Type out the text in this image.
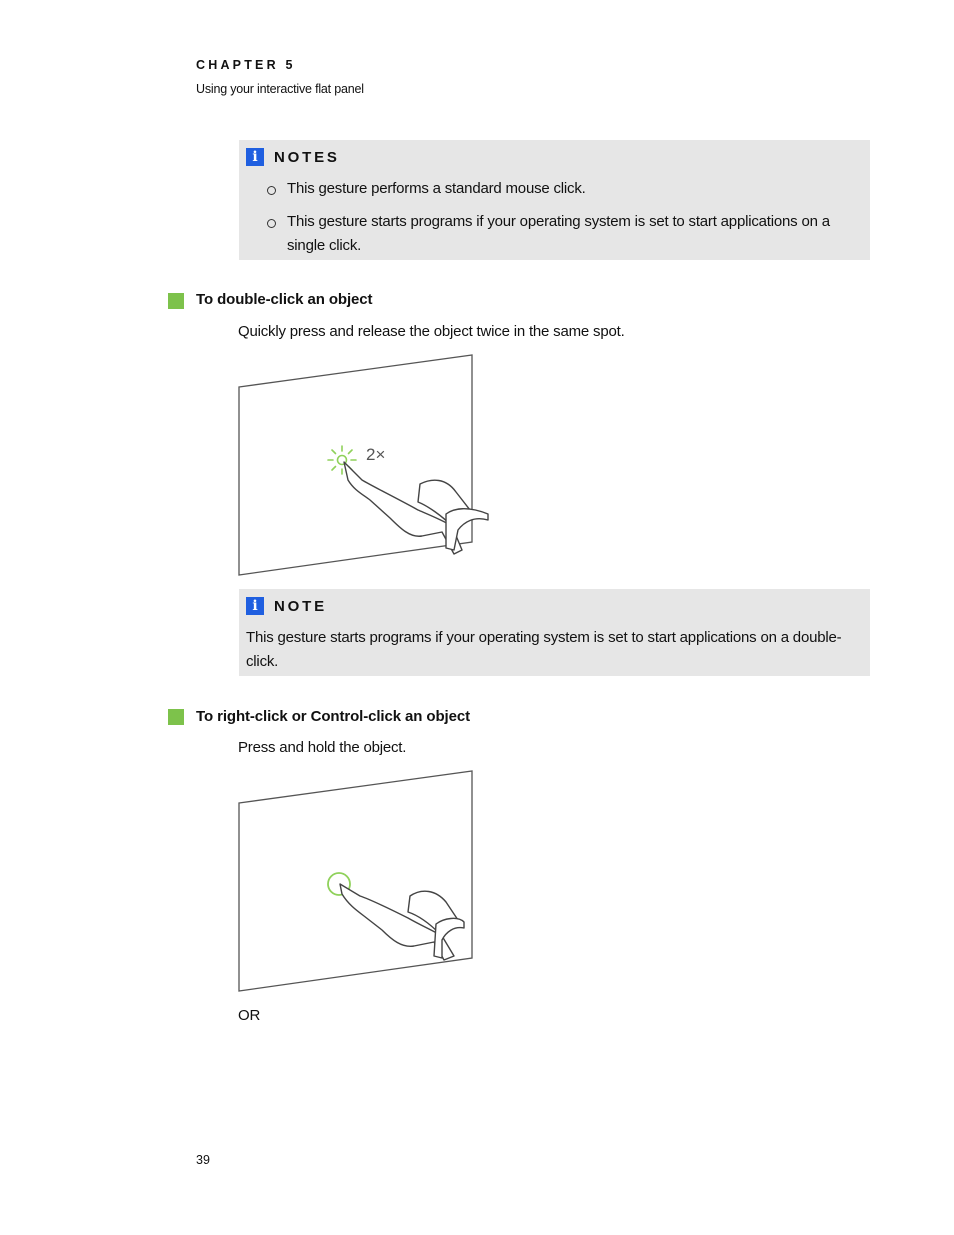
CHAPTER 5
Using your interactive flat panel
i	NOTES
This gesture performs a standard mouse click.
This gesture starts programs if your operating system is set to start applications on a single click.
To double-click an object
Quickly press and release the object twice in the same spot.
2×
i	NOTE
This gesture starts programs if your operating system is set to start applications on a double-click.
To right-click or Control-click an object
Press and hold the object.
OR
39
